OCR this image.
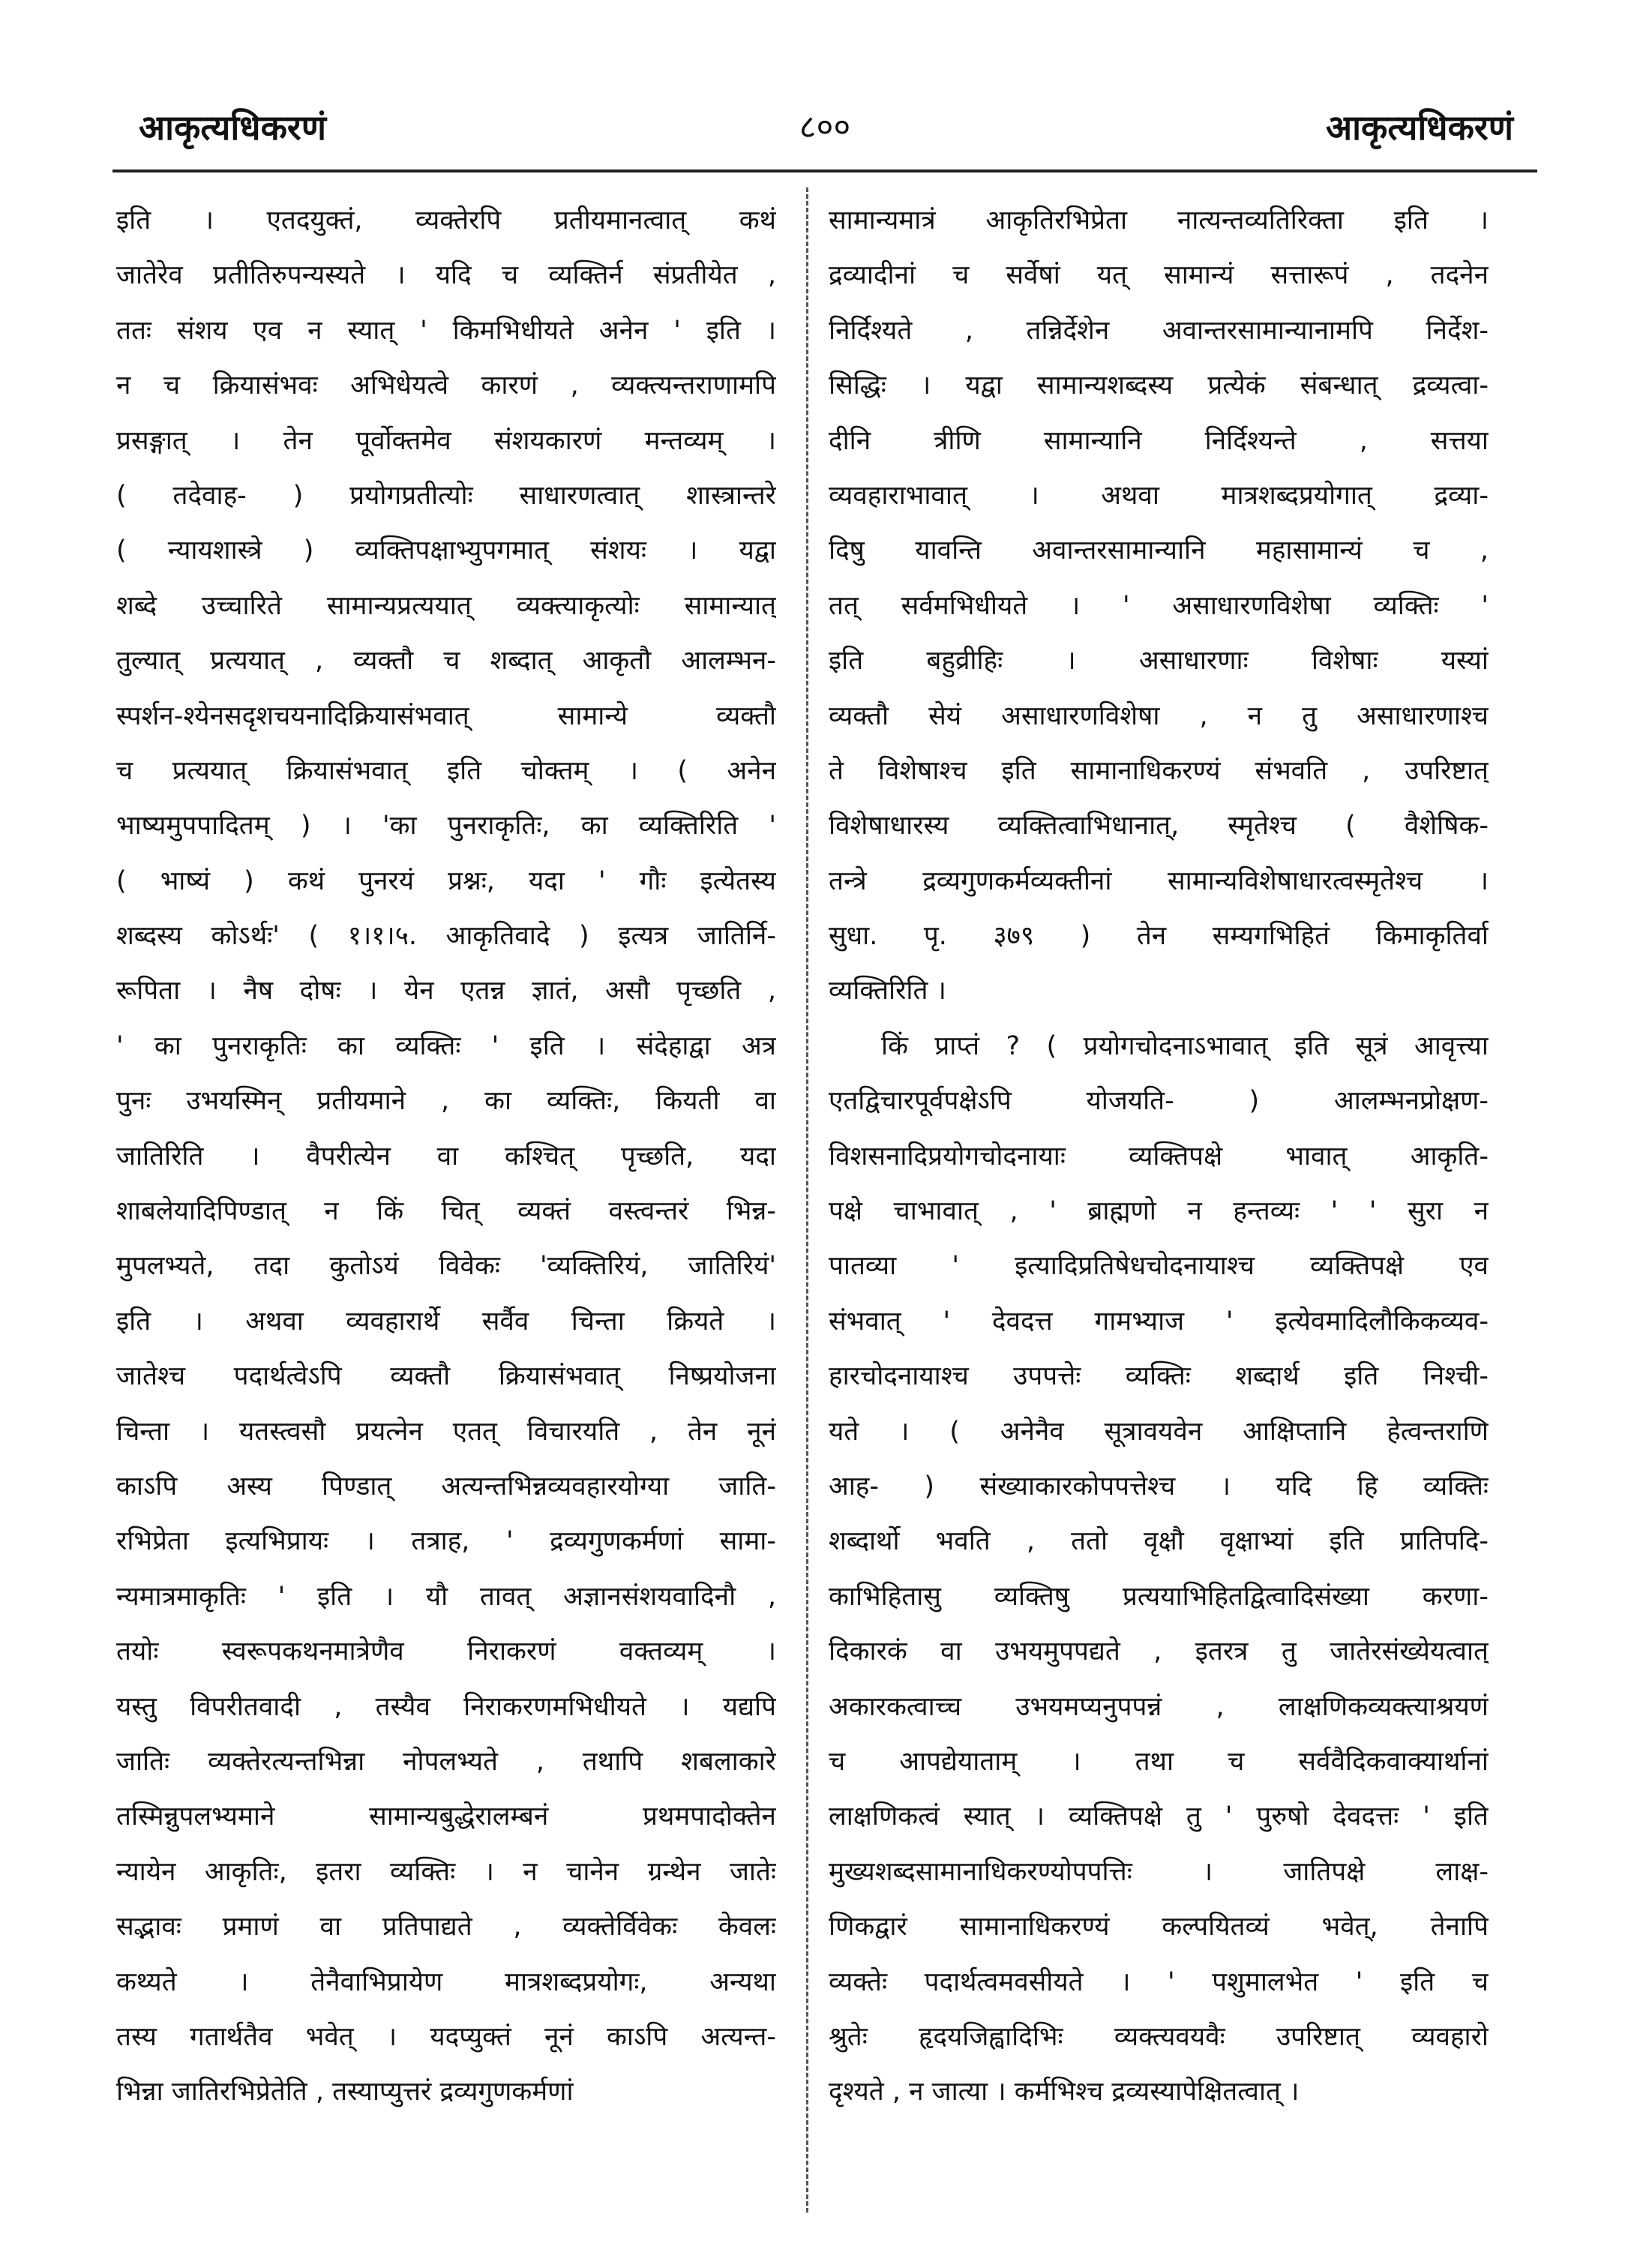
आकृत्यधिकरणं	८००	आकृत्यधिकरणं
इति । एतदयुक्तं, व्यक्तेरपि प्रतीयमानत्वात् कथं
जातेरेव प्रतीतिरुपन्यस्यते । यदि च व्यक्तिर्न संप्रतीयेत ,
ततः संशय एव न स्यात् ' किमभिधीयते अनेन ' इति ।
न च क्रियासंभवः अभिधेयत्वे कारणं , व्यक्त्यन्तराणामपि
प्रसङ्गात् । तेन पूर्वोक्तमेव संशयकारणं मन्तव्यम् ।
( तदेवाह- ) प्रयोगप्रतीत्योः साधारणत्वात् शास्त्रान्तरे
( न्यायशास्त्रे ) व्यक्तिपक्षाभ्युपगमात् संशयः । यद्वा
शब्दे उच्चारिते सामान्यप्रत्ययात् व्यक्त्याकृत्योः सामान्यात्
तुल्यात् प्रत्ययात् , व्यक्तौ च शब्दात् आकृतौ आलम्भन-
स्पर्शन-श्येनसदृशचयनादिक्रियासंभवात् सामान्ये व्यक्तौ
च प्रत्ययात् क्रियासंभवात् इति चोक्तम् । ( अनेन
भाष्यमुपपादितम् ) । 'का पुनराकृतिः, का व्यक्तिरिति '
( भाष्यं ) कथं पुनरयं प्रश्नः, यदा ' गौः इत्येतस्य
शब्दस्य कोऽर्थः' ( १।१।५. आकृतिवादे ) इत्यत्र जातिर्नि-
रूपिता । नैष दोषः । येन एतन्न ज्ञातं, असौ पृच्छति ,
' का पुनराकृतिः का व्यक्तिः ' इति । संदेहाद्वा अत्र
पुनः उभयस्मिन् प्रतीयमाने , का व्यक्तिः, कियती वा
जातिरिति । वैपरीत्येन वा कश्चित् पृच्छति, यदा
शाबलेयादिपिण्डात् न किं चित् व्यक्तं वस्त्वन्तरं भिन्न-
मुपलभ्यते, तदा कुतोऽयं विवेकः 'व्यक्तिरियं, जातिरियं'
इति । अथवा व्यवहारार्थे सर्वैव चिन्ता क्रियते ।
जातेश्च पदार्थत्वेऽपि व्यक्तौ क्रियासंभवात् निष्प्रयोजना
चिन्ता । यतस्त्वसौ प्रयत्नेन एतत् विचारयति , तेन नूनं
काऽपि अस्य पिण्डात् अत्यन्तभिन्नव्यवहारयोग्या जाति-
रभिप्रेता इत्यभिप्रायः । तत्राह, ' द्रव्यगुणकर्मणां सामा-
न्यमात्रमाकृतिः ' इति । यौ तावत् अज्ञानसंशयवादिनौ ,
तयोः स्वरूपकथनमात्रेणैव निराकरणं वक्तव्यम् ।
यस्तु विपरीतवादी , तस्यैव निराकरणमभिधीयते । यद्यपि
जातिः व्यक्तेरत्यन्तभिन्ना नोपलभ्यते , तथापि शबलाकारे
तस्मिन्नुपलभ्यमाने सामान्यबुद्धेरालम्बनं प्रथमपादोक्तेन
न्यायेन आकृतिः, इतरा व्यक्तिः । न चानेन ग्रन्थेन जातेः
सद्भावः प्रमाणं वा प्रतिपाद्यते , व्यक्तेर्विवेकः केवलः
कथ्यते । तेनैवाभिप्रायेण मात्रशब्दप्रयोगः, अन्यथा
तस्य गतार्थतैव भवेत् । यदप्युक्तं नूनं काऽपि अत्यन्त-
भिन्ना जातिरभिप्रेतेति , तस्याप्युत्तरं द्रव्यगुणकर्मणां
सामान्यमात्रं आकृतिरभिप्रेता नात्यन्तव्यतिरिक्ता इति ।
द्रव्यादीनां च सर्वेषां यत् सामान्यं सत्तारूपं , तदनेन
निर्दिश्यते , तन्निर्देशेन अवान्तरसामान्यानामपि निर्देश-
सिद्धिः । यद्वा सामान्यशब्दस्य प्रत्येकं संबन्धात् द्रव्यत्वा-
दीनि त्रीणि सामान्यानि निर्दिश्यन्ते , सत्तया
व्यवहाराभावात् । अथवा मात्रशब्दप्रयोगात् द्रव्या-
दिषु यावन्ति अवान्तरसामान्यानि महासामान्यं च ,
तत् सर्वमभिधीयते । ' असाधारणविशेषा व्यक्तिः '
इति बहुव्रीहिः । असाधारणाः विशेषाः यस्यां
व्यक्तौ सेयं असाधारणविशेषा , न तु असाधारणाश्च
ते विशेषाश्च इति सामानाधिकरण्यं संभवति , उपरिष्टात्
विशेषाधारस्य व्यक्तित्वाभिधानात्, स्मृतेश्च ( वैशेषिक-
तन्त्रे द्रव्यगुणकर्मव्यक्तीनां सामान्यविशेषाधारत्वस्मृतेश्च ।
सुधा. पृ. ३७९ ) तेन सम्यगभिहितं किमाकृतिर्वा
व्यक्तिरिति ।
किं प्राप्तं ? ( प्रयोगचोदनाऽभावात् इति सूत्रं आवृत्त्या
एतद्विचारपूर्वपक्षेऽपि योजयति- ) आलम्भनप्रोक्षण-
विशसनादिप्रयोगचोदनायाः व्यक्तिपक्षे भावात् आकृति-
पक्षे चाभावात् , ' ब्राह्मणो न हन्तव्यः ' ' सुरा न
पातव्या ' इत्यादिप्रतिषेधचोदनायाश्च व्यक्तिपक्षे एव
संभवात् ' देवदत्त गामभ्याज ' इत्येवमादिलौकिकव्यव-
हारचोदनायाश्च उपपत्तेः व्यक्तिः शब्दार्थ इति निश्ची-
यते । ( अनेनैव सूत्रावयवेन आक्षिप्तानि हेत्वन्तराणि
आह- ) संख्याकारकोपपत्तेश्च । यदि हि व्यक्तिः
शब्दार्थो भवति , ततो वृक्षौ वृक्षाभ्यां इति प्रातिपदि-
काभिहितासु व्यक्तिषु प्रत्ययाभिहितद्वित्वादिसंख्या करणा-
दिकारकं वा उभयमुपपद्यते , इतरत्र तु जातेरसंख्येयत्वात्
अकारकत्वाच्च उभयमप्यनुपपन्नं , लाक्षणिकव्यक्त्याश्रयणं
च आपद्येयाताम् । तथा च सर्ववैदिकवाक्यार्थानां
लाक्षणिकत्वं स्यात् । व्यक्तिपक्षे तु ' पुरुषो देवदत्तः ' इति
मुख्यशब्दसामानाधिकरण्योपपत्तिः । जातिपक्षे लाक्ष-
णिकद्वारं सामानाधिकरण्यं कल्पयितव्यं भवेत्, तेनापि
व्यक्तेः पदार्थत्वमवसीयते । ' पशुमालभेत ' इति च
श्रुतेः हृदयजिह्वादिभिः व्यक्त्यवयवैः उपरिष्टात् व्यवहारो
दृश्यते , न जात्या । कर्मभिश्च द्रव्यस्यापेक्षितत्वात् ।
